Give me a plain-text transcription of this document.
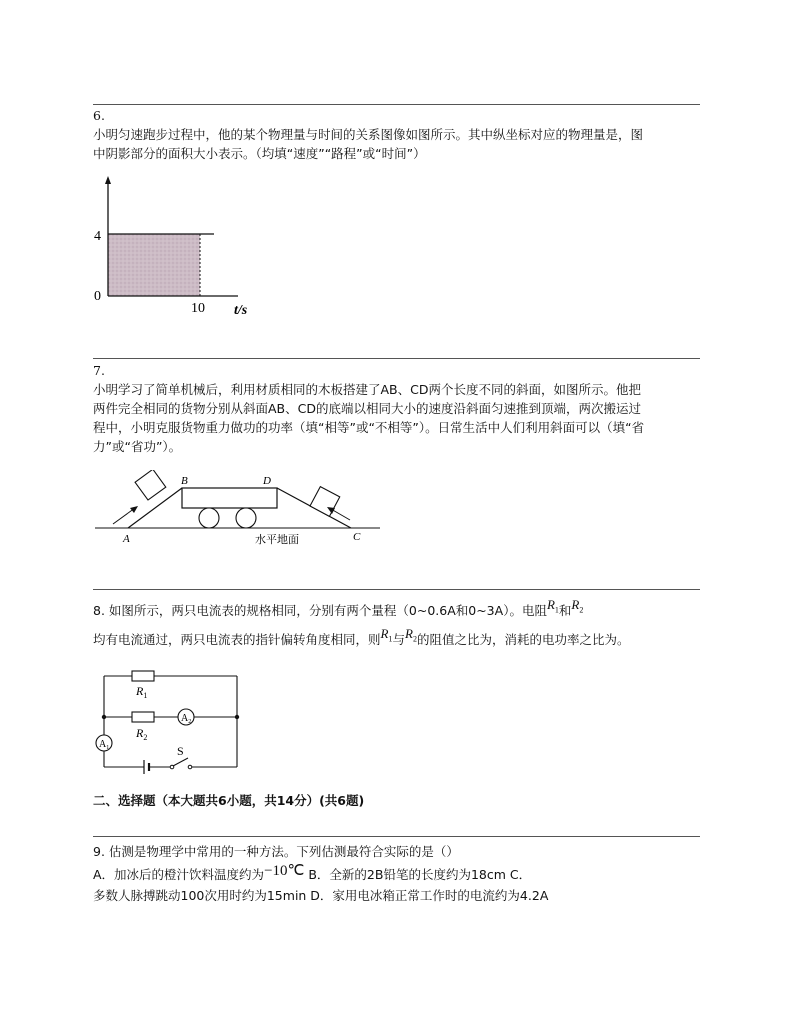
6.
小明匀速跑步过程中，他的某个物理量与时间的关系图像如图所示。其中纵坐标对应的物理量是，图
中阴影部分的面积大小表示。（均填“速度”“路程”或“时间”）
4
0
10 t/s
7.
小明学习了简单机械后，利用材质相同的木板搭建了AB、CD两个长度不同的斜面，如图所示。他把
两件完全相同的货物分别从斜面AB、CD的底端以相同大小的速度沿斜面匀速推到顶端，两次搬运过
程中，小明克服货物重力做功的功率（填“相等”或“不相等”）。日常生活中人们利用斜面可以（填“省
力”或“省功”）。
A
B	D
C
水平地面
8. 如图所示，两只电流表的规格相同，分别有两个量程（0~0.6A和0~3A）。电阻$R_1$和$R_2$
均有电流通过，两只电流表的指针偏转角度相同，则$R_1$与$R_2$的阻值之比为，消耗的电功率之比为。
$R_1$
$R_2$
$A_2$
$A_1$	S
二、选择题（本大题共6小题，共14分）(共6题)
9. 估测是物理学中常用的一种方法。下列估测最符合实际的是（）
A．加冰后的橙汁饮料温度约为−10℃ B．全新的2B铅笔的长度约为18cm C．
多数人脉搏跳动100次用时约为15min D．家用电冰箱正常工作时的电流约为4.2A
